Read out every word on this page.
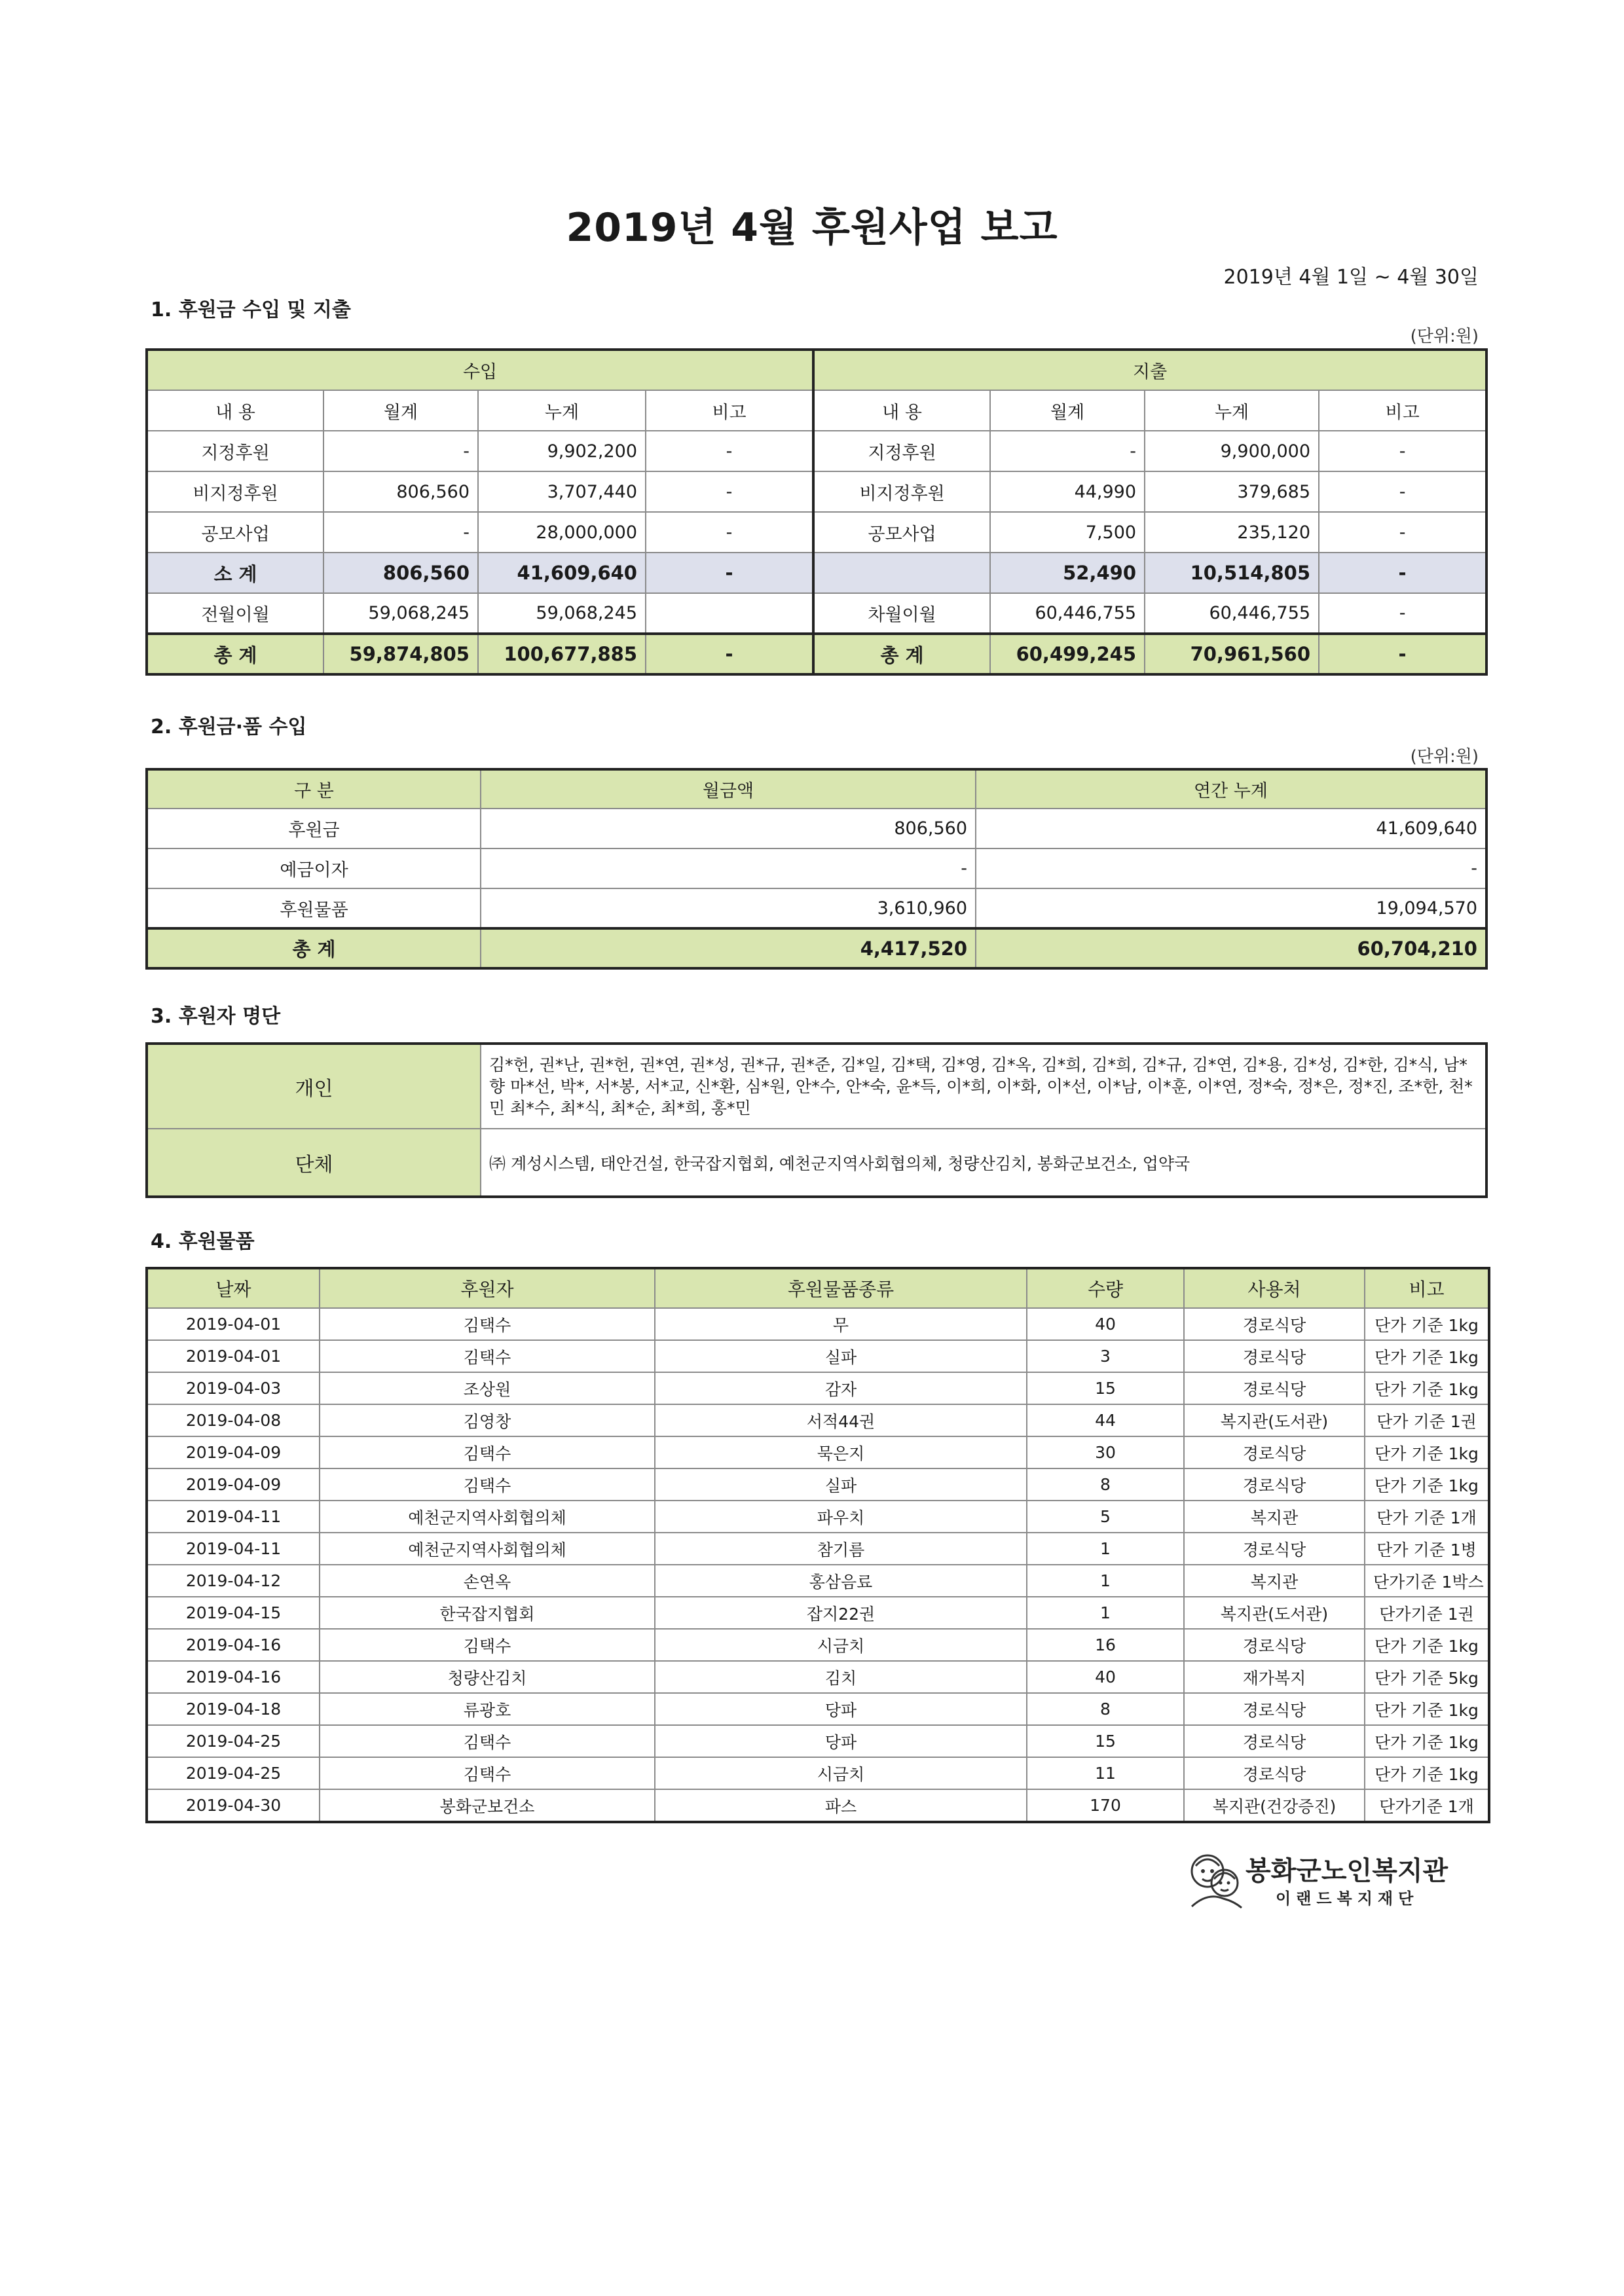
2019년 4월 후원사업 보고
2019년 4월 1일 ~ 4월 30일
1. 후원금 수입 및 지출
(단위:원)
수입				지출			
내 용	월계	누계	비고	내 용	월계	누계	비고
지정후원	-	9,902,200	-	지정후원	-	9,900,000	-
비지정후원	806,560	3,707,440	-	비지정후원	44,990	379,685	-
공모사업	-	28,000,000	-	공모사업	7,500	235,120	-
소 계	806,560	41,609,640	-		52,490	10,514,805	-
전월이월	59,068,245	59,068,245		차월이월	60,446,755	60,446,755	-
총 계	59,874,805	100,677,885	-	총 계	60,499,245	70,961,560	-
2. 후원금·품 수입
(단위:원)
구 분	월금액	연간 누계
후원금	806,560	41,609,640
예금이자	-	-
후원물품	3,610,960	19,094,570
총 계	4,417,520	60,704,210
3. 후원자 명단
개인	김*헌, 권*난, 권*헌, 권*연, 권*성, 권*규, 권*준, 김*일, 김*택, 김*영, 김*옥, 김*희, 김*희, 김*규, 김*연, 김*용, 김*성, 김*한, 김*식, 남*향 마*선, 박*, 서*봉, 서*교, 신*환, 심*원, 안*수, 안*숙, 윤*득, 이*희, 이*화, 이*선, 이*남, 이*훈, 이*연, 정*숙, 정*은, 정*진, 조*한, 천*민 최*수, 최*식, 최*순, 최*희, 홍*민
단체	㈜ 계성시스템, 태안건설, 한국잡지협회, 예천군지역사회협의체, 청량산김치, 봉화군보건소, 업약국
4. 후원물품
날짜	후원자	후원물품종류	수량	사용처	비고
2019-04-01	김택수	무	40	경로식당	단가 기준 1kg
2019-04-01	김택수	실파	3	경로식당	단가 기준 1kg
2019-04-03	조상원	감자	15	경로식당	단가 기준 1kg
2019-04-08	김영창	서적44권	44	복지관(도서관)	단가 기준 1권
2019-04-09	김택수	묵은지	30	경로식당	단가 기준 1kg
2019-04-09	김택수	실파	8	경로식당	단가 기준 1kg
2019-04-11	예천군지역사회협의체	파우치	5	복지관	단가 기준 1개
2019-04-11	예천군지역사회협의체	참기름	1	경로식당	단가 기준 1병
2019-04-12	손연옥	홍삼음료	1	복지관	단가기준 1박스
2019-04-15	한국잡지협회	잡지22권	1	복지관(도서관)	단가기준 1권
2019-04-16	김택수	시금치	16	경로식당	단가 기준 1kg
2019-04-16	청량산김치	김치	40	재가복지	단가 기준 5kg
2019-04-18	류광호	당파	8	경로식당	단가 기준 1kg
2019-04-25	김택수	당파	15	경로식당	단가 기준 1kg
2019-04-25	김택수	시금치	11	경로식당	단가 기준 1kg
2019-04-30	봉화군보건소	파스	170	복지관(건강증진)	단가기준 1개
봉화군노인복지관
이랜드복지재단
